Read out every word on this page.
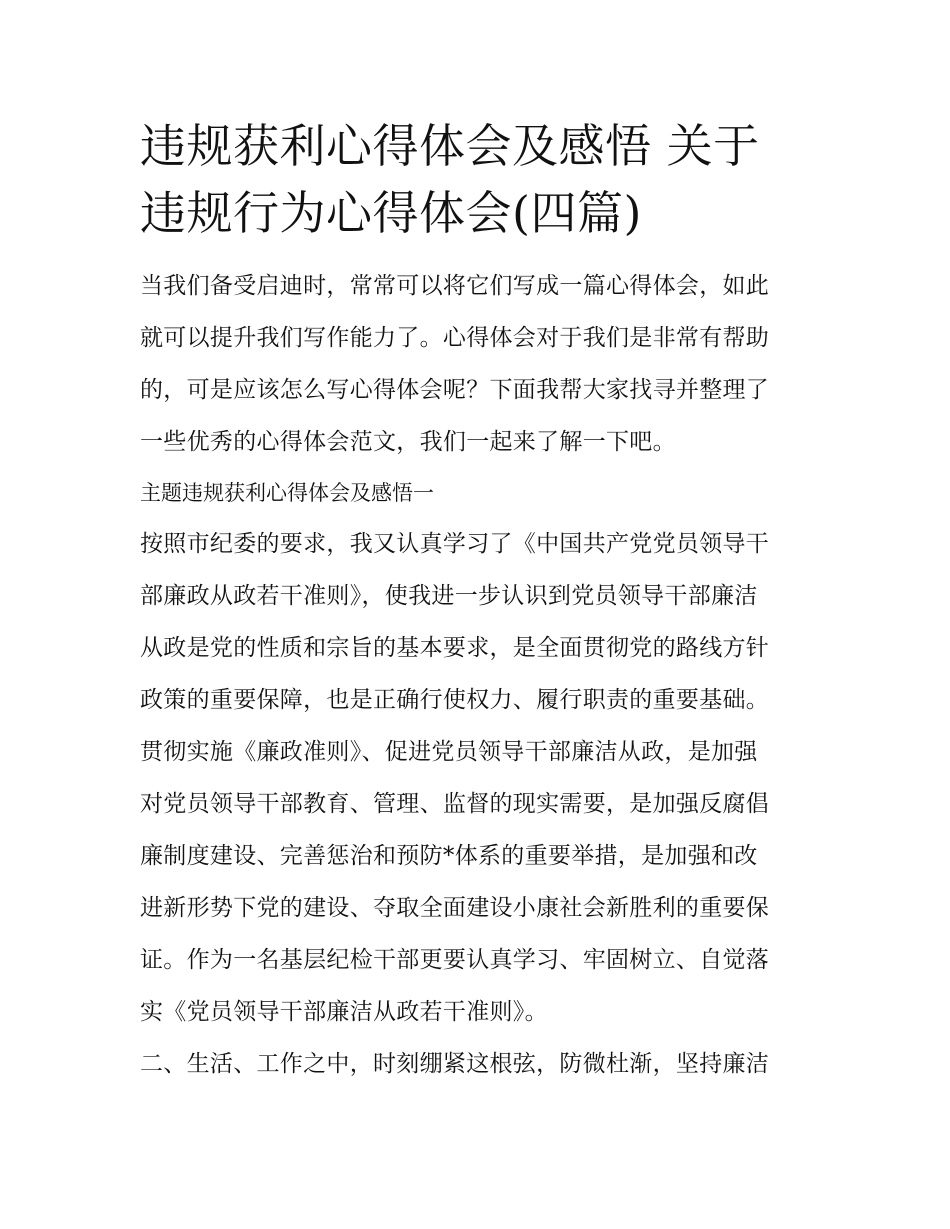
违规获利心得体会及感悟 关于
违规行为心得体会(四篇)
当我们备受启迪时，常常可以将它们写成一篇心得体会，如此
就可以提升我们写作能力了。心得体会对于我们是非常有帮助
的，可是应该怎么写心得体会呢？下面我帮大家找寻并整理了
一些优秀的心得体会范文，我们一起来了解一下吧。
主题违规获利心得体会及感悟一
按照市纪委的要求，我又认真学习了《中国共产党党员领导干
部廉政从政若干准则》，使我进一步认识到党员领导干部廉洁
从政是党的性质和宗旨的基本要求，是全面贯彻党的路线方针
政策的重要保障，也是正确行使权力、履行职责的重要基础。
贯彻实施《廉政准则》、促进党员领导干部廉洁从政，是加强
对党员领导干部教育、管理、监督的现实需要，是加强反腐倡
廉制度建设、完善惩治和预防*体系的重要举措，是加强和改
进新形势下党的建设、夺取全面建设小康社会新胜利的重要保
证。作为一名基层纪检干部更要认真学习、牢固树立、自觉落
实《党员领导干部廉洁从政若干准则》。
二、生活、工作之中，时刻绷紧这根弦，防微杜渐，坚持廉洁
